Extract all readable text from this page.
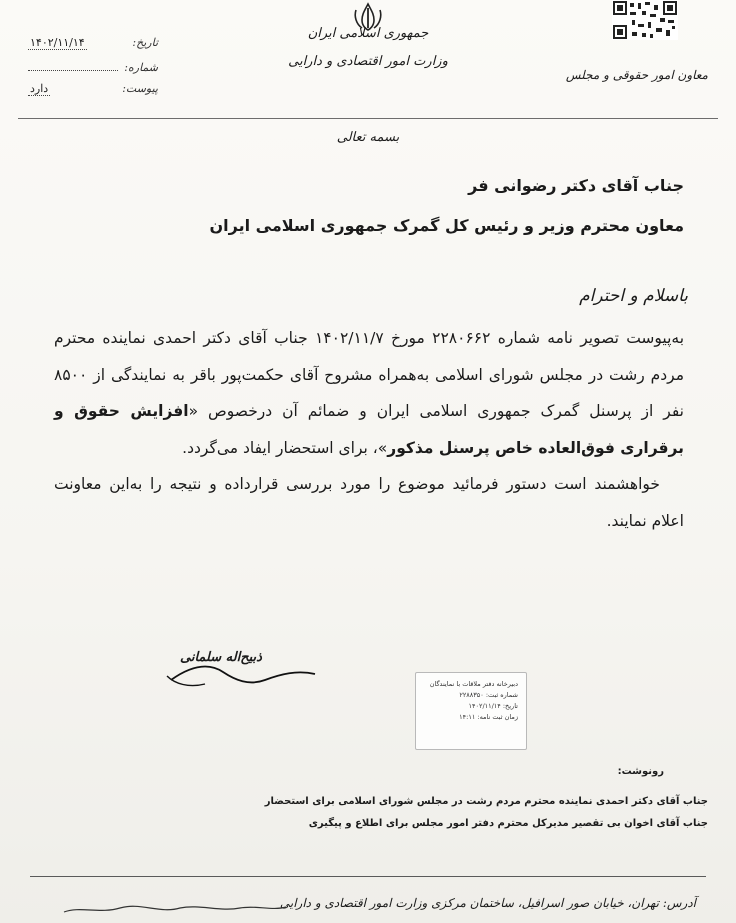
جمهوری اسلامی ایران
وزارت امور اقتصادی و دارایی
معاون امور حقوقی و مجلس
تاریخ:
۱۴۰۲/۱۱/۱۴
شماره:
پیوست:
دارد
بسمه تعالی
جناب آقای دکتر رضوانی فر
معاون محترم وزیر و رئیس کل گمرک جمهوری اسلامی ایران
باسلام و احترام

به‌پیوست تصویر نامه شماره ۲۲۸۰۶۶۲ مورخ ۱۴۰۲/۱۱/۷ جناب آقای دکتر احمدی نماینده محترم مردم رشت در مجلس شورای اسلامی به‌همراه مشروح آقای حکمت‌پور باقر به نمایندگی از ۸۵۰۰ نفر از پرسنل گمرک جمهوری اسلامی ایران و ضمائم آن درخصوص «افزایش حقوق و برقراری فوق‌العاده خاص پرسنل مذکور»، برای استحضار ایفاد می‌گردد.

خواهشمند است دستور فرمائید موضوع را مورد بررسی قرارداده و نتیجه را به‌این معاونت اعلام نمایند.

ذبیح‌اله سلمانی
دبیرخانه دفتر ملاقات با نمایندگان
شماره ثبت: ۲۲۸۸۳۵۰
تاریخ: ۱۴۰۲/۱۱/۱۴
زمان ثبت نامه: ۱۴:۱۱
رونوشت:
جناب آقای دکتر احمدی نماینده محترم مردم رشت در مجلس شورای اسلامی برای استحضار
جناب آقای اخوان بی تقصیر مدیرکل محترم دفتر امور مجلس برای اطلاع و پیگیری
آدرس: تهران، خیابان صور اسرافیل، ساختمان مرکزی وزارت امور اقتصادی و دارایی
